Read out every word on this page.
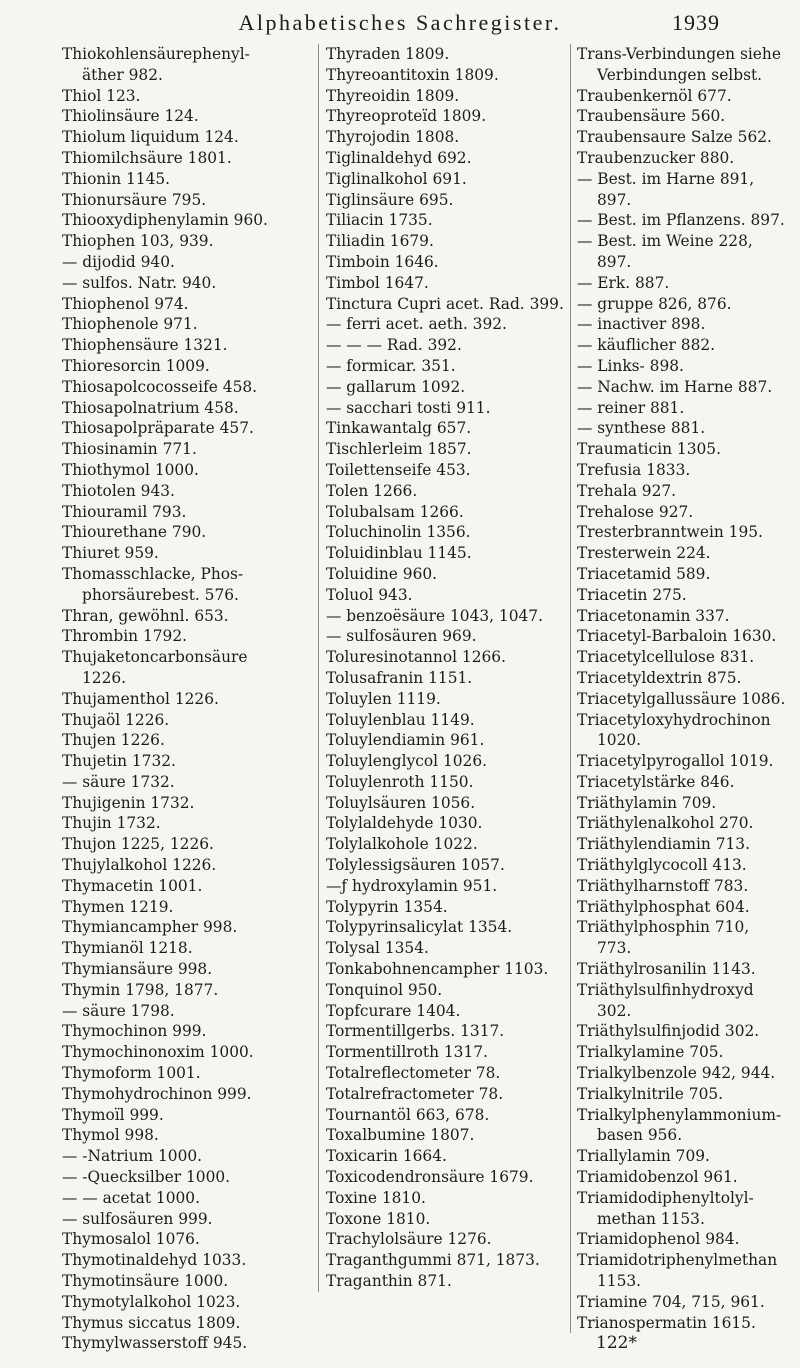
Alphabetisches Sachregister.	1939
Thiokohlensäurephenyl-äther 982.
Thiol 123.
Thiolinsäure 124.
Thiolum liquidum 124.
Thiomilchsäure 1801.
Thionin 1145.
Thionursäure 795.
Thiooxydiphenylamin 960.
Thiophen 103, 939.
— dijodid 940.
— sulfos. Natr. 940.
Thiophenol 974.
Thiophenole 971.
Thiophensäure 1321.
Thioresorcin 1009.
Thiosapolcocosseife 458.
Thiosapolnatrium 458.
Thiosapolpräparate 457.
Thiosinamin 771.
Thiothymol 1000.
Thiotolen 943.
Thiouramil 793.
Thiourethane 790.
Thiuret 959.
Thomasschlacke, Phos-phorsäurebest. 576.
Thran, gewöhnl. 653.
Thrombin 1792.
Thujaketoncarbonsäure 1226.
Thujamenthol 1226.
Thujaöl 1226.
Thujen 1226.
Thujetin 1732.
— säure 1732.
Thujigenin 1732.
Thujin 1732.
Thujon 1225, 1226.
Thujylalkohol 1226.
Thymacetin 1001.
Thymen 1219.
Thymiancampher 998.
Thymianöl 1218.
Thymiansäure 998.
Thymin 1798, 1877.
— säure 1798.
Thymochinon 999.
Thymochinonoxim 1000.
Thymoform 1001.
Thymohydrochinon 999.
Thymoïl 999.
Thymol 998.
— -Natrium 1000.
— -Quecksilber 1000.
— — acetat 1000.
— sulfosäuren 999.
Thymosalol 1076.
Thymotinaldehyd 1033.
Thymotinsäure 1000.
Thymotylalkohol 1023.
Thymus siccatus 1809.
Thymylwasserstoff 945.
Thyraden 1809.
Thyreoantitoxin 1809.
Thyreoidin 1809.
Thyreoproteïd 1809.
Thyrojodin 1808.
Tiglinaldehyd 692.
Tiglinalkohol 691.
Tiglinsäure 695.
Tiliacin 1735.
Tiliadin 1679.
Timboin 1646.
Timbol 1647.
Tinctura Cupri acet. Rad. 399.
— ferri acet. aeth. 392.
— — — Rad. 392.
— formicar. 351.
— gallarum 1092.
— sacchari tosti 911.
Tinkawantalg 657.
Tischlerleim 1857.
Toilettenseife 453.
Tolen 1266.
Tolubalsam 1266.
Toluchinolin 1356.
Toluidinblau 1145.
Toluidine 960.
Toluol 943.
— benzoësäure 1043, 1047.
— sulfosäuren 969.
Toluresinotannol 1266.
Tolusafranin 1151.
Toluylen 1119.
Toluylenblau 1149.
Toluylendiamin 961.
Toluylenglycol 1026.
Toluylenroth 1150.
Toluylsäuren 1056.
Tolylaldehyde 1030.
Tolylalkohole 1022.
Tolylessigsäuren 1057.
—ƒ hydroxylamin 951.
Tolypyrin 1354.
Tolypyrinsalicylat 1354.
Tolysal 1354.
Tonkabohnencampher 1103.
Tonquinol 950.
Topfcurare 1404.
Tormentillgerbs. 1317.
Tormentillroth 1317.
Totalreflectometer 78.
Totalrefractometer 78.
Tournantöl 663, 678.
Toxalbumine 1807.
Toxicarin 1664.
Toxicodendronsäure 1679.
Toxine 1810.
Toxone 1810.
Trachylolsäure 1276.
Traganthgummi 871, 1873.
Traganthin 871.
Trans-Verbindungen siehe Verbindungen selbst.
Traubenkernöl 677.
Traubensäure 560.
Traubensaure Salze 562.
Traubenzucker 880.
— Best. im Harne 891, 897.
— Best. im Pflanzens. 897.
— Best. im Weine 228, 897.
— Erk. 887.
— gruppe 826, 876.
— inactiver 898.
— käuflicher 882.
— Links- 898.
— Nachw. im Harne 887.
— reiner 881.
— synthese 881.
Traumaticin 1305.
Trefusia 1833.
Trehala 927.
Trehalose 927.
Tresterbranntwein 195.
Tresterwein 224.
Triacetamid 589.
Triacetin 275.
Triacetonamin 337.
Triacetyl-Barbaloin 1630.
Triacetylcellulose 831.
Triacetyldextrin 875.
Triacetylgallussäure 1086.
Triacetyloxyhydrochinon 1020.
Triacetylpyrogallol 1019.
Triacetylstärke 846.
Triäthylamin 709.
Triäthylenalkohol 270.
Triäthylendiamin 713.
Triäthylglycocoll 413.
Triäthylharnstoff 783.
Triäthylphosphat 604.
Triäthylphosphin 710, 773.
Triäthylrosanilin 1143.
Triäthylsulfinhydroxyd 302.
Triäthylsulfinjodid 302.
Trialkylamine 705.
Trialkylbenzole 942, 944.
Trialkylnitrile 705.
Trialkylphenylammonium-basen 956.
Triallylamin 709.
Triamidobenzol 961.
Triamidodiphenyltolyl-methan 1153.
Triamidophenol 984.
Triamidotriphenylmethan 1153.
Triamine 704, 715, 961.
Trianospermatin 1615.
122*
